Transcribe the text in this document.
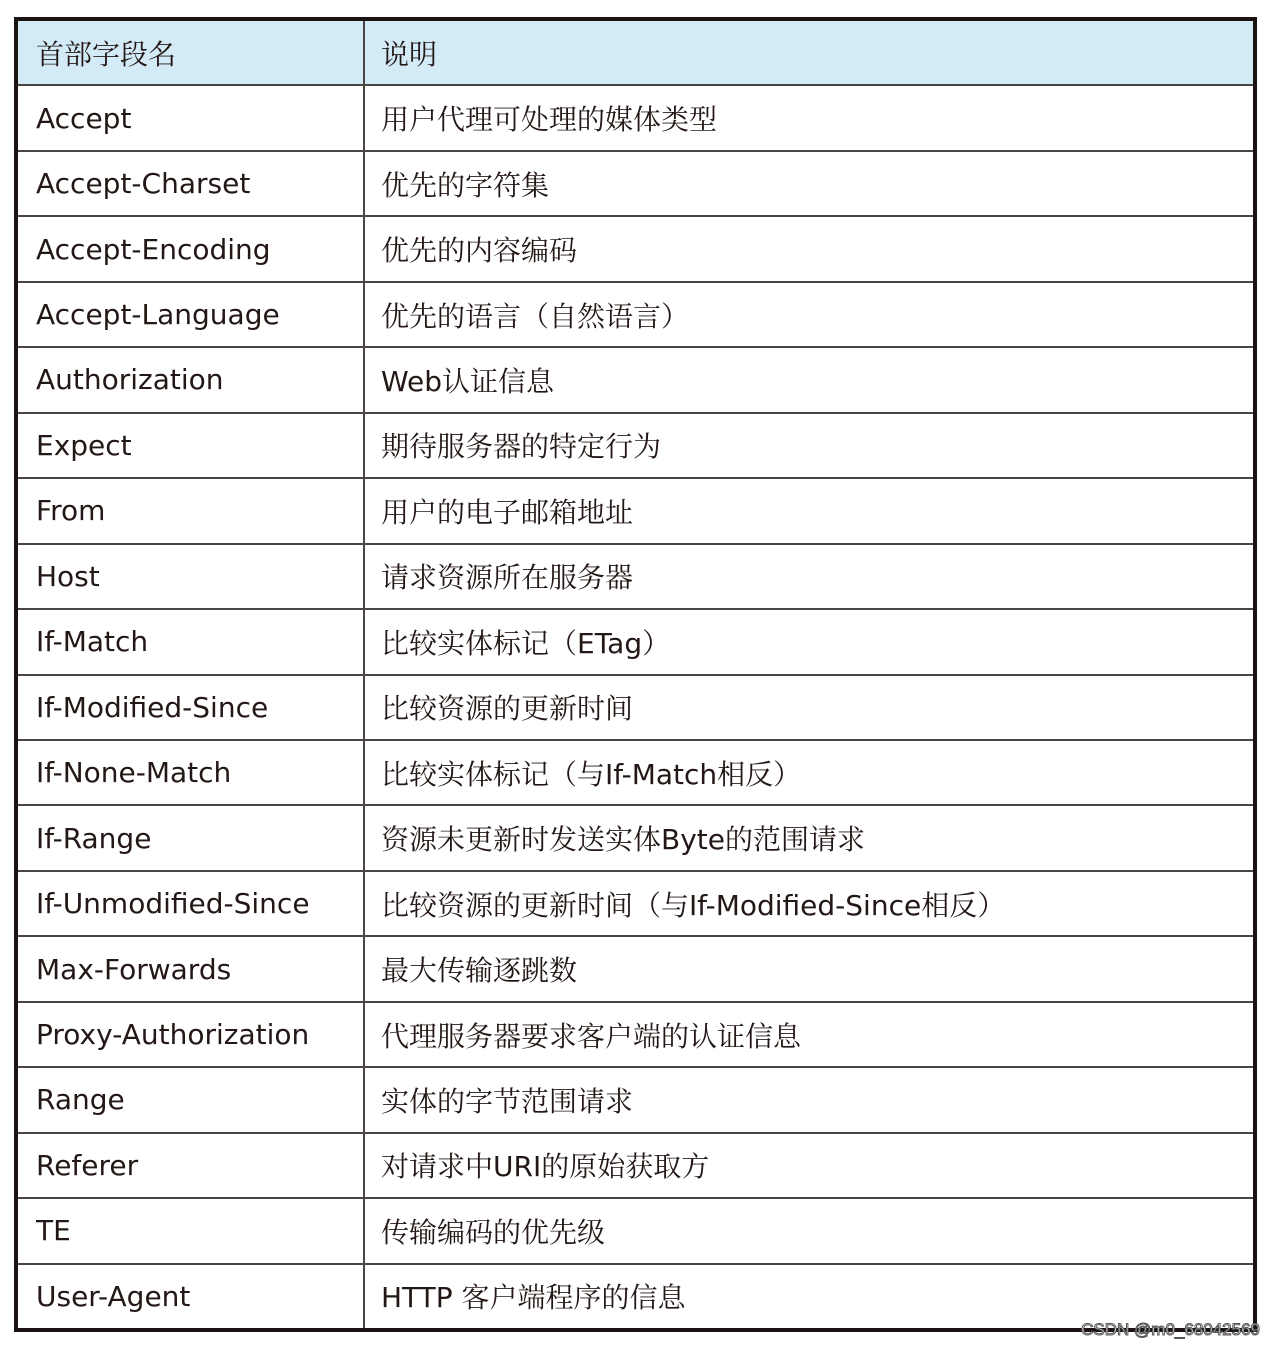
首部字段名	说明
Accept	用户代理可处理的媒体类型
Accept-Charset	优先的字符集
Accept-Encoding	优先的内容编码
Accept-Language	优先的语言（自然语言）
Authorization	Web认证信息
Expect	期待服务器的特定行为
From	用户的电子邮箱地址
Host	请求资源所在服务器
If-Match	比较实体标记（ETag）
If-Modified-Since	比较资源的更新时间
If-None-Match	比较实体标记（与If-Match相反）
If-Range	资源未更新时发送实体Byte的范围请求
If-Unmodified-Since	比较资源的更新时间（与If-Modified-Since相反）
Max-Forwards	最大传输逐跳数
Proxy-Authorization	代理服务器要求客户端的认证信息
Range	实体的字节范围请求
Referer	对请求中URI的原始获取方
TE	传输编码的优先级
User-Agent	HTTP 客户端程序的信息
CSDN @m0_68042569
